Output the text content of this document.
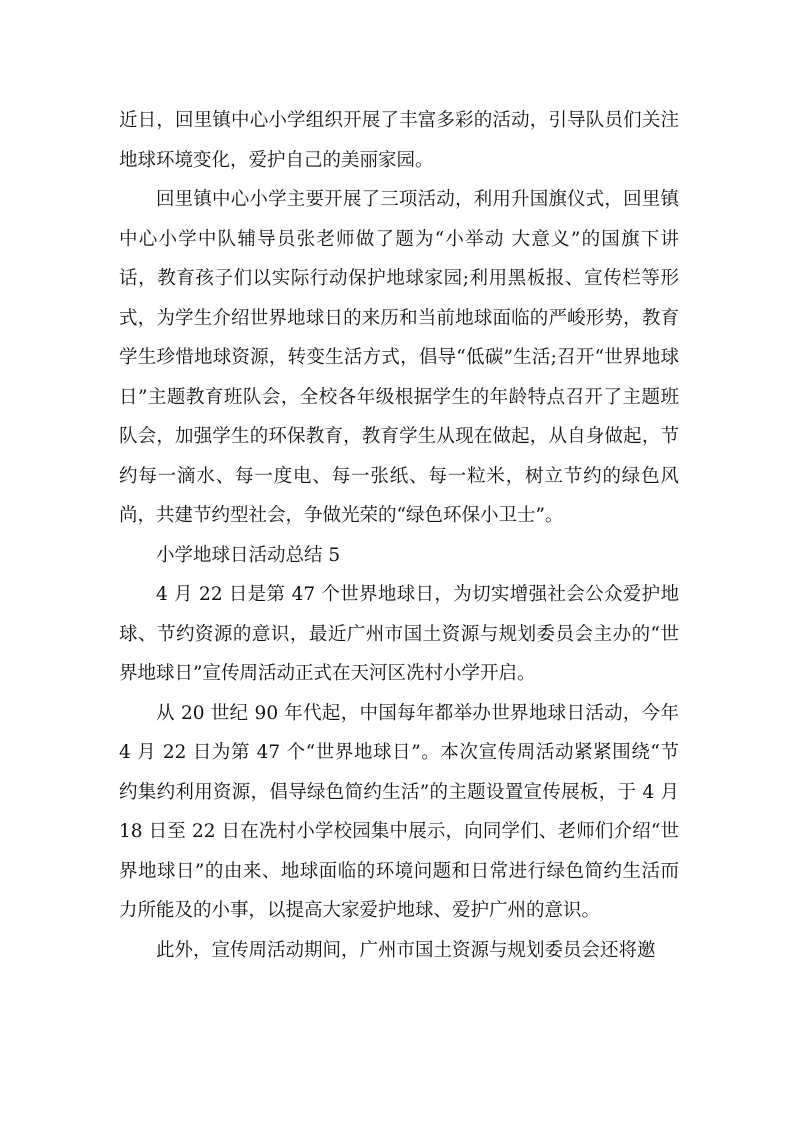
近日，回里镇中心小学组织开展了丰富多彩的活动，引导队员们关注地球环境变化，爱护自己的美丽家园。

回里镇中心小学主要开展了三项活动，利用升国旗仪式，回里镇中心小学中队辅导员张老师做了题为“小举动 大意义”的国旗下讲话，教育孩子们以实际行动保护地球家园;利用黑板报、宣传栏等形式，为学生介绍世界地球日的来历和当前地球面临的严峻形势，教育学生珍惜地球资源，转变生活方式，倡导“低碳”生活;召开“世界地球日”主题教育班队会，全校各年级根据学生的年龄特点召开了主题班队会，加强学生的环保教育，教育学生从现在做起，从自身做起，节约每一滴水、每一度电、每一张纸、每一粒米，树立节约的绿色风尚，共建节约型社会，争做光荣的“绿色环保小卫士”。

小学地球日活动总结 5

4 月 22 日是第 47 个世界地球日，为切实增强社会公众爱护地球、节约资源的意识，最近广州市国土资源与规划委员会主办的“世界地球日”宣传周活动正式在天河区冼村小学开启。

从 20 世纪 90 年代起，中国每年都举办世界地球日活动，今年 4 月 22 日为第 47 个“世界地球日”。本次宣传周活动紧紧围绕“节约集约利用资源，倡导绿色简约生活”的主题设置宣传展板，于 4 月 18 日至 22 日在冼村小学校园集中展示，向同学们、老师们介绍“世界地球日”的由来、地球面临的环境问题和日常进行绿色简约生活而力所能及的小事，以提高大家爱护地球、爱护广州的意识。

此外，宣传周活动期间，广州市国土资源与规划委员会还将邀
